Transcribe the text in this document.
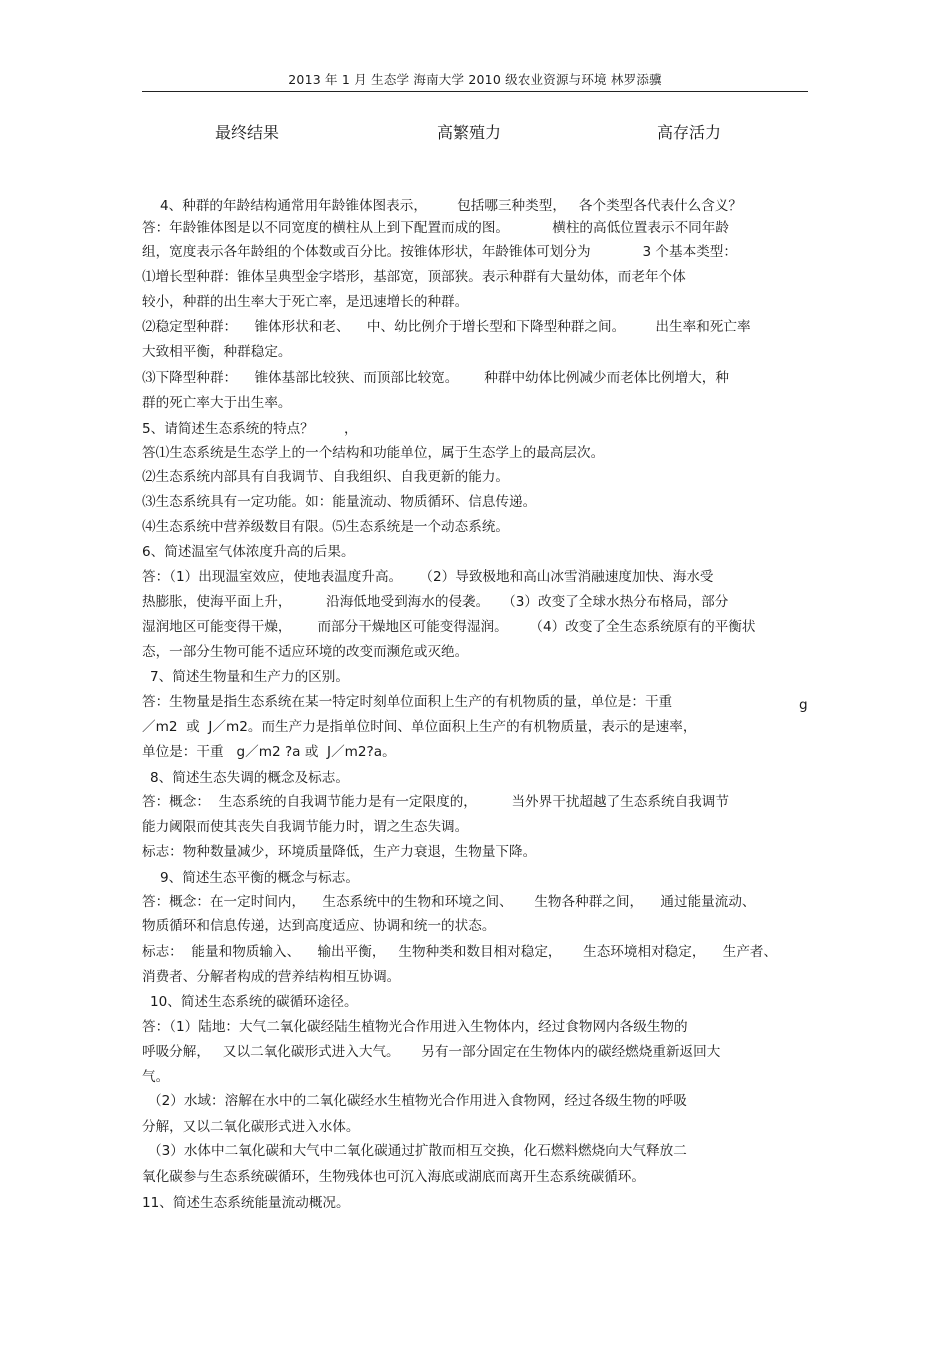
2013 年 1 月 生态学 海南大学 2010 级农业资源与环境 林罗添骥
最终结果	高繁殖力	高存活力
4、种群的年龄结构通常用年龄锥体图表示，       包括哪三种类型，   各个类型各代表什么含义？
答：年龄锥体图是以不同宽度的横柱从上到下配置而成的图。          横柱的高低位置表示不同年龄
组，宽度表示各年龄组的个体数或百分比。按锥体形状，年龄锥体可划分为            3 个基本类型：
⑴增长型种群：锥体呈典型金字塔形，基部宽，顶部狭。表示种群有大量幼体，而老年个体
较小，种群的出生率大于死亡率，是迅速增长的种群。
⑵稳定型种群：    锥体形状和老、    中、幼比例介于增长型和下降型种群之间。       出生率和死亡率
大致相平衡，种群稳定。
⑶下降型种群：    锥体基部比较狭、而顶部比较宽。      种群中幼体比例减少而老体比例增大，种
群的死亡率大于出生率。
5、请简述生态系统的特点？       ，
答⑴生态系统是生态学上的一个结构和功能单位，属于生态学上的最高层次。
⑵生态系统内部具有自我调节、自我组织、自我更新的能力。
⑶生态系统具有一定功能。如：能量流动、物质循环、信息传递。
⑷生态系统中营养级数目有限。⑸生态系统是一个动态系统。
6、简述温室气体浓度升高的后果。
答：（1）出现温室效应，使地表温度升高。    （2）导致极地和高山冰雪消融速度加快、海水受
热膨胀，使海平面上升，        沿海低地受到海水的侵袭。   （3）改变了全球水热分布格局，部分
湿润地区可能变得干燥，      而部分干燥地区可能变得湿润。     （4）改变了全生态系统原有的平衡状
态，一部分生物可能不适应环境的改变而濒危或灭绝。
7、简述生物量和生产力的区别。
答：生物量是指生态系统在某一特定时刻单位面积上生产的有机物质的量，单位是：干重	g
／m2  或  J／m2。而生产力是指单位时间、单位面积上生产的有机物质量，表示的是速率，
单位是：干重   g／m2 ?a 或  J／m2?a。
8、简述生态失调的概念及标志。
答：概念：  生态系统的自我调节能力是有一定限度的，        当外界干扰超越了生态系统自我调节
能力阈限而使其丧失自我调节能力时，谓之生态失调。
标志：物种数量减少，环境质量降低，生产力衰退，生物量下降。
9、简述生态平衡的概念与标志。
答：概念：在一定时间内，    生态系统中的生物和环境之间、     生物各种群之间，    通过能量流动、
物质循环和信息传递，达到高度适应、协调和统一的状态。
标志：  能量和物质输入、    输出平衡，   生物种类和数目相对稳定，     生态环境相对稳定，    生产者、
消费者、分解者构成的营养结构相互协调。
10、简述生态系统的碳循环途径。
答：（1）陆地：大气二氧化碳经陆生植物光合作用进入生物体内，经过食物网内各级生物的
呼吸分解，   又以二氧化碳形式进入大气。     另有一部分固定在生物体内的碳经燃烧重新返回大
气。
（2）水域：溶解在水中的二氧化碳经水生植物光合作用进入食物网，经过各级生物的呼吸
分解，又以二氧化碳形式进入水体。
（3）水体中二氧化碳和大气中二氧化碳通过扩散而相互交换，化石燃料燃烧向大气释放二
氧化碳参与生态系统碳循环，生物残体也可沉入海底或湖底而离开生态系统碳循环。
11、简述生态系统能量流动概况。
